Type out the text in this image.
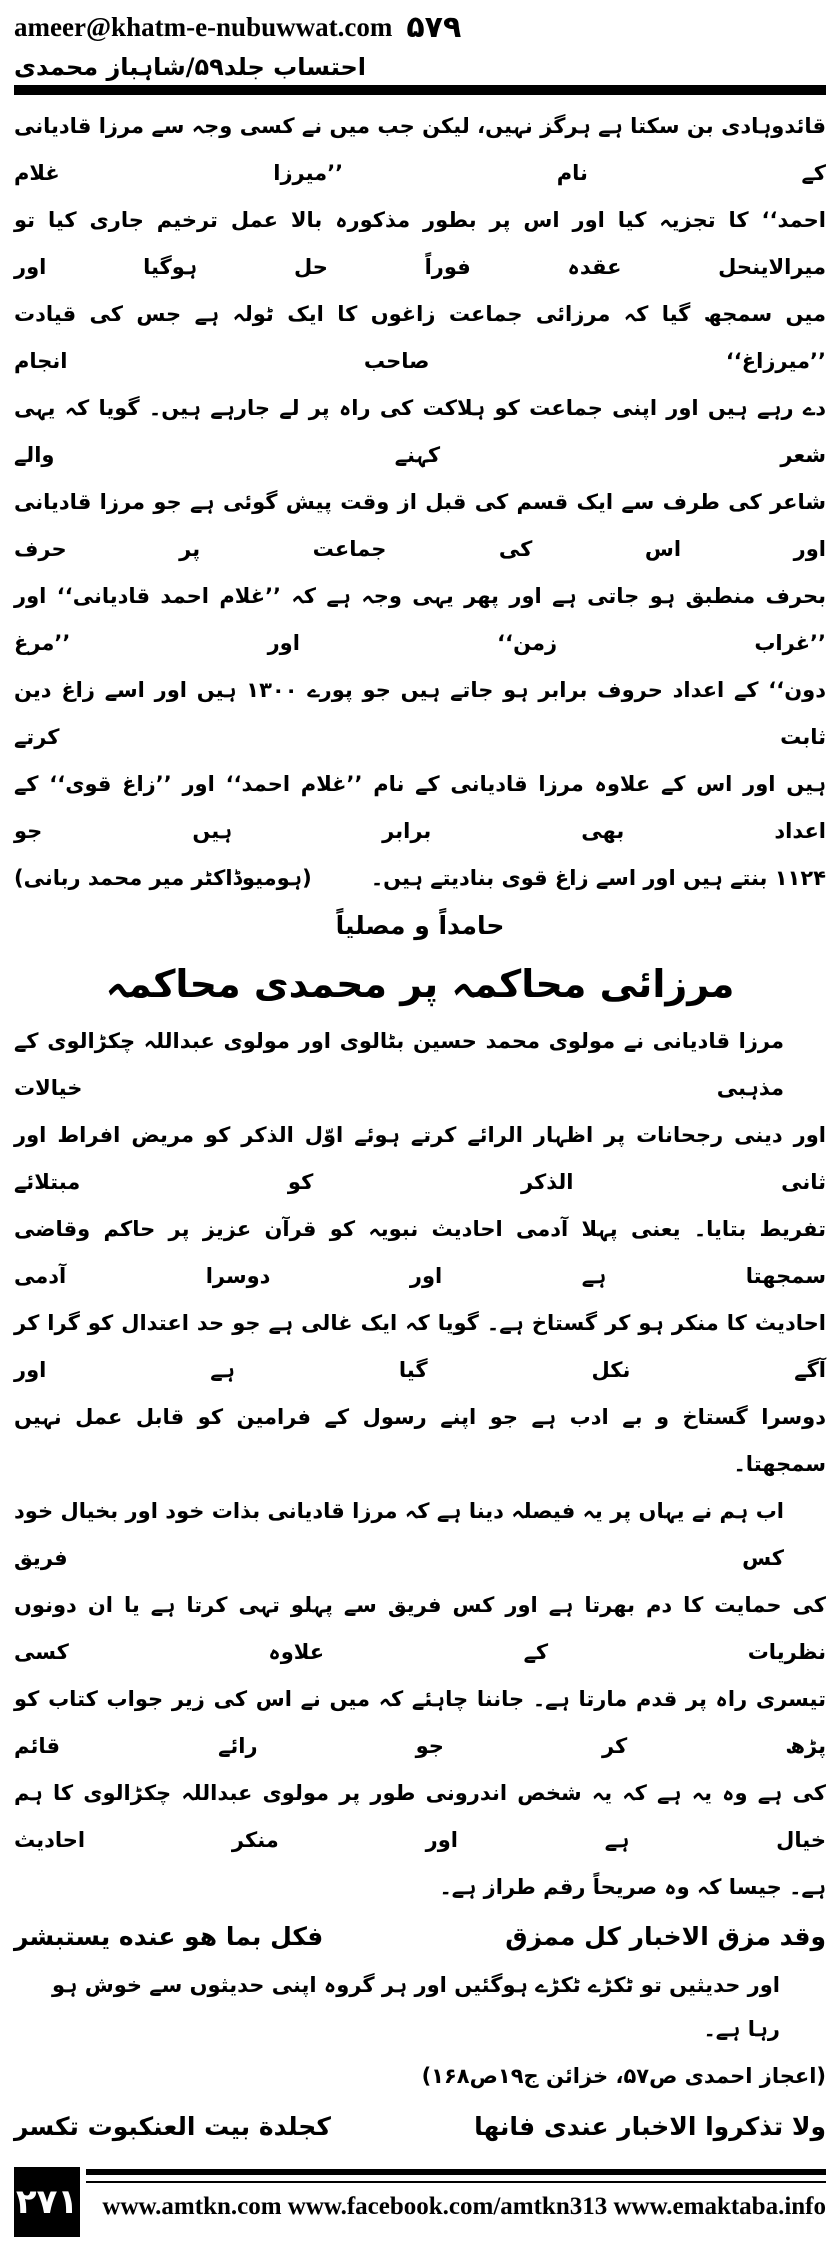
ameer@khatm-e-nubuwwat.com ۵۷۹
احتساب جلد۵۹/شاہباز محمدی
قائدوہادی بن سکتا ہے ہرگز نہیں، لیکن جب میں نے کسی وجہ سے مرزا قادیانی کے نام ’’میرزا غلام
احمد‘‘ کا تجزیہ کیا اور اس پر بطور مذکورہ بالا عمل ترخیم جاری کیا تو میرالاینحل عقدہ فوراً حل ہوگیا اور
میں سمجھ گیا کہ مرزائی جماعت زاغوں کا ایک ٹولہ ہے جس کی قیادت ’’میرزاغ‘‘ صاحب انجام
دے رہے ہیں اور اپنی جماعت کو ہلاکت کی راہ پر لے جارہے ہیں۔ گویا کہ یہی شعر کہنے والے
شاعر کی طرف سے ایک قسم کی قبل از وقت پیش گوئی ہے جو مرزا قادیانی اور اس کی جماعت پر حرف
بحرف منطبق ہو جاتی ہے اور پھر یہی وجہ ہے کہ ’’غلام احمد قادیانی‘‘ اور ’’غراب زمن‘‘ اور ’’مرغ
دون‘‘ کے اعداد حروف برابر ہو جاتے ہیں جو پورے ۱۳۰۰ ہیں اور اسے زاغ دین ثابت کرتے
ہیں اور اس کے علاوہ مرزا قادیانی کے نام ’’غلام احمد‘‘ اور ’’زاغ قوی‘‘ کے اعداد بھی برابر ہیں جو
۱۱۲۴ بنتے ہیں اور اسے زاغ قوی بنادیتے ہیں۔
(ہومیوڈاکٹر میر محمد ربانی)
حامداً و مصلیاً
مرزائی محاکمہ پر محمدی محاکمہ
مرزا قادیانی نے مولوی محمد حسین بٹالوی اور مولوی عبداللہ چکڑالوی کے مذہبی خیالات
اور دینی رجحانات پر اظہار الرائے کرتے ہوئے اوّل الذکر کو مریض افراط اور ثانی الذکر کو مبتلائے
تفریط بتایا۔ یعنی پہلا آدمی احادیث نبویہ کو قرآن عزیز پر حاکم وقاضی سمجھتا ہے اور دوسرا آدمی
احادیث کا منکر ہو کر گستاخ ہے۔ گویا کہ ایک غالی ہے جو حد اعتدال کو گرا کر آگے نکل گیا ہے اور
دوسرا گستاخ و بے ادب ہے جو اپنے رسول کے فرامین کو قابل عمل نہیں سمجھتا۔
اب ہم نے یہاں پر یہ فیصلہ دینا ہے کہ مرزا قادیانی بذات خود اور بخیال خود کس فریق
کی حمایت کا دم بھرتا ہے اور کس فریق سے پہلو تہی کرتا ہے یا ان دونوں نظریات کے علاوہ کسی
تیسری راہ پر قدم مارتا ہے۔ جاننا چاہئے کہ میں نے اس کی زیر جواب کتاب کو پڑھ کر جو رائے قائم
کی ہے وہ یہ ہے کہ یہ شخص اندرونی طور پر مولوی عبداللہ چکڑالوی کا ہم خیال ہے اور منکر احادیث
ہے۔ جیسا کہ وہ صریحاً رقم طراز ہے۔
وقد مزق الاخبار کل ممزق
فکل بما هو عنده یستبشر
اور حدیثیں تو ٹکڑے ٹکڑے ہوگئیں اور ہر گروہ اپنی حدیثوں سے خوش ہو رہا ہے۔
(اعجاز احمدی ص۵۷، خزائن ج۱۹ص۱۶۸)
ولا تذکروا الاخبار عندی فانها
کجلدة بیت العنکبوت تکسر
۲۷۱ www.amtkn.com www.facebook.com/amtkn313 www.emaktaba.info
